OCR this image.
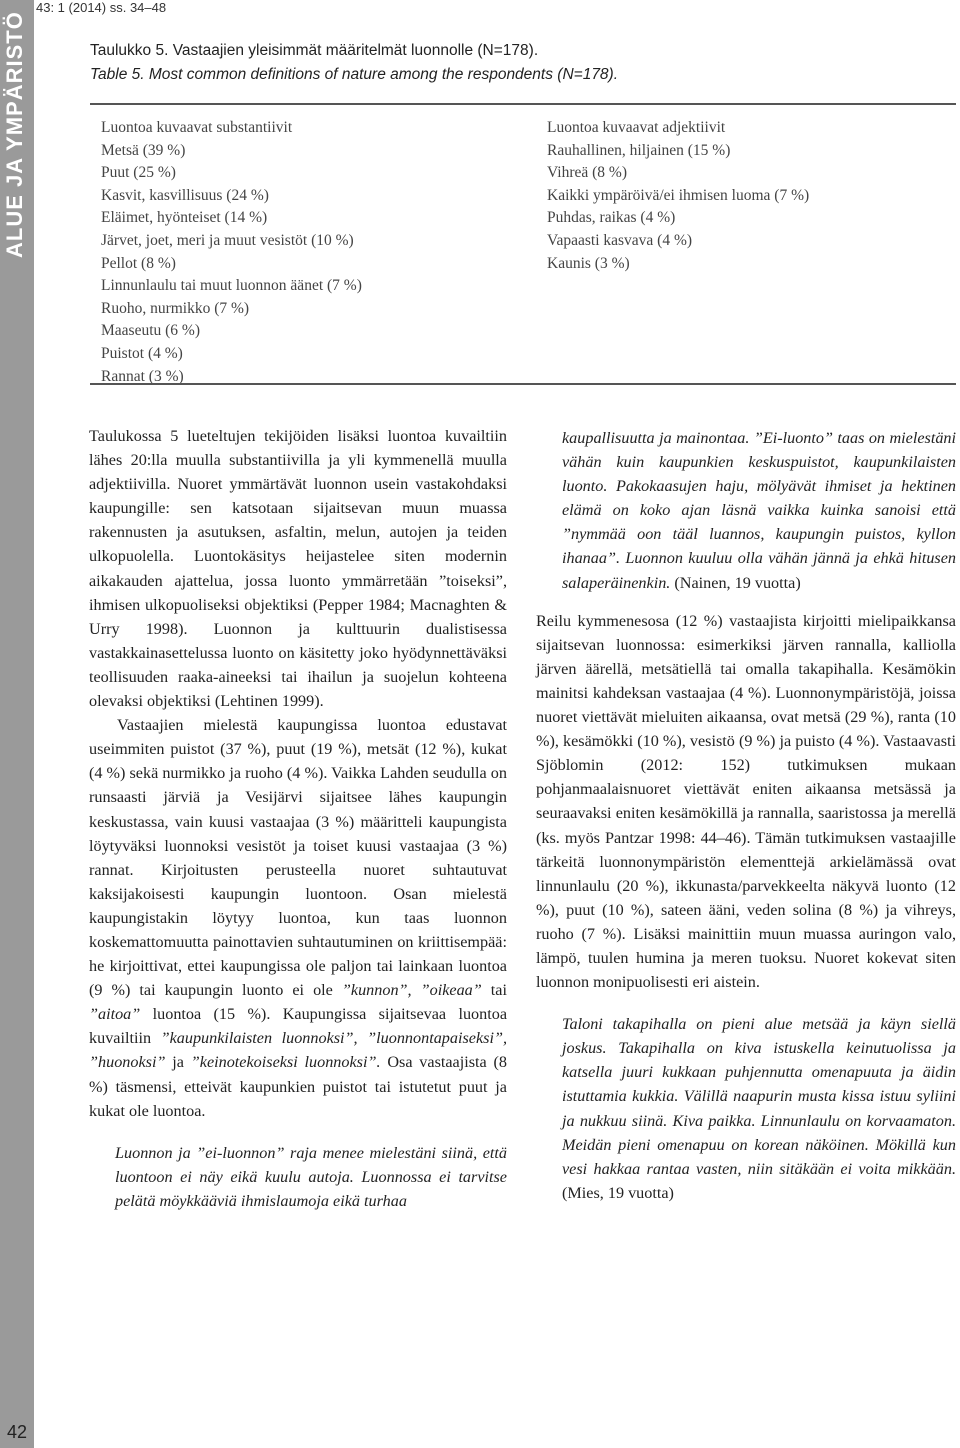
ALUE JA YMPÄRISTÖ
42
43: 1 (2014) ss. 34–48
Taulukko 5. Vastaajien yleisimmät määritelmät luonnolle (N=178).
Table 5. Most common definitions of nature among the respondents (N=178).
Luontoa kuvaavat substantiivit
Metsä (39 %)
Puut (25 %)
Kasvit, kasvillisuus (24 %)
Eläimet, hyönteiset (14 %)
Järvet, joet, meri ja muut vesistöt (10 %)
Pellot (8 %)
Linnunlaulu tai muut luonnon äänet (7 %)
Ruoho, nurmikko (7 %)
Maaseutu (6 %)
Puistot (4 %)
Rannat (3 %)
Luontoa kuvaavat adjektiivit
Rauhallinen, hiljainen (15 %)
Vihreä (8 %)
Kaikki ympäröivä/ei ihmisen luoma (7 %)
Puhdas, raikas (4 %)
Vapaasti kasvava (4 %)
Kaunis (3 %)

Taulukossa 5 lueteltujen tekijöiden lisäksi luontoa kuvailtiin lähes 20:lla muulla substantiivilla ja yli kymmenellä muulla adjektiivilla. Nuoret ymmärtävät luonnon usein vastakohdaksi kaupungille: sen katsotaan sijaitsevan muun muassa rakennusten ja asutuksen, asfaltin, melun, autojen ja teiden ulkopuolella. Luontokäsitys heijastelee siten modernin aikakauden ajattelua, jossa luonto ymmärretään ”toiseksi”, ihmisen ulkopuoliseksi objektiksi (Pepper 1984; Macnaghten & Urry 1998). Luonnon ja kulttuurin dualistisessa vastakkainasettelussa luonto on käsitetty joko hyödynnettäväksi teollisuuden raaka-aineeksi tai ihailun ja suojelun kohteena olevaksi objektiksi (Lehtinen 1999).

Vastaajien mielestä kaupungissa luontoa edustavat useimmiten puistot (37 %), puut (19 %), metsät (12 %), kukat (4 %) sekä nurmikko ja ruoho (4 %). Vaikka Lahden seudulla on runsaasti järviä ja Vesijärvi sijaitsee lähes kaupungin keskustassa, vain kuusi vastaajaa (3 %) määritteli kaupungista löytyväksi luonnoksi vesistöt ja toiset kuusi vastaajaa (3 %) rannat. Kirjoitusten perusteella nuoret suhtautuvat kaksijakoisesti kaupungin luontoon. Osan mielestä kaupungistakin löytyy luontoa, kun taas luonnon koskemattomuutta painottavien suhtautuminen on kriittisempää: he kirjoittivat, ettei kaupungissa ole paljon tai lainkaan luontoa (9 %) tai kaupungin luonto ei ole ”kunnon”, ”oikeaa” tai ”aitoa” luontoa (15 %). Kaupungissa sijaitsevaa luontoa kuvailtiin ”kaupunkilaisten luonnoksi”, ”luonnontapaiseksi”, ”huonoksi” ja ”keinotekoiseksi luonnoksi”. Osa vastaajista (8 %) täsmensi, etteivät kaupunkien puistot tai istutetut puut ja kukat ole luontoa.

Luonnon ja ”ei-luonnon” raja menee mielestäni siinä, että luontoon ei näy eikä kuulu autoja. Luonnossa ei tarvitse pelätä möykkääviä ihmislaumoja eikä turhaa

kaupallisuutta ja mainontaa. ”Ei-luonto” taas on mielestäni vähän kuin kaupunkien keskuspuistot, kaupunkilaisten luonto. Pakokaasujen haju, mölyävät ihmiset ja hektinen elämä on koko ajan läsnä vaikka kuinka sanoisi että ”nymmää oon tääl luannos, kaupungin puistos, kyllon ihanaa”. Luonnon kuuluu olla vähän jännä ja ehkä hitusen salaperäinenkin. (Nainen, 19 vuotta)

Reilu kymmenesosa (12 %) vastaajista kirjoitti mielipaikkansa sijaitsevan luonnossa: esimerkiksi järven rannalla, kalliolla järven äärellä, metsätiellä tai omalla takapihalla. Kesämökin mainitsi kahdeksan vastaajaa (4 %). Luonnonympäristöjä, joissa nuoret viettävät mieluiten aikaansa, ovat metsä (29 %), ranta (10 %), kesämökki (10 %), vesistö (9 %) ja puisto (4 %). Vastaavasti Sjöblomin (2012: 152) tutkimuksen mukaan pohjanmaalaisnuoret viettävät eniten aikaansa metsässä ja seuraavaksi eniten kesämökillä ja rannalla, saaristossa ja merellä (ks. myös Pantzar 1998: 44–46). Tämän tutkimuksen vastaajille tärkeitä luonnonympäristön elementtejä arkielämässä ovat linnunlaulu (20 %), ikkunasta/parvekkeelta näkyvä luonto (12 %), puut (10 %), sateen ääni, veden solina (8 %) ja vihreys, ruoho (7 %). Lisäksi mainittiin muun muassa auringon valo, lämpö, tuulen humina ja meren tuoksu. Nuoret kokevat siten luonnon monipuolisesti eri aistein.

Taloni takapihalla on pieni alue metsää ja käyn siellä joskus. Takapihalla on kiva istuskella keinutuolissa ja katsella juuri kukkaan puhjennutta omenapuuta ja äidin istuttamia kukkia. Välillä naapurin musta kissa istuu syliini ja nukkuu siinä. Kiva paikka. Linnunlaulu on korvaamaton. Meidän pieni omenapuu on korean näköinen. Mökillä kun vesi hakkaa rantaa vasten, niin sitäkään ei voita mikkään. (Mies, 19 vuotta)
